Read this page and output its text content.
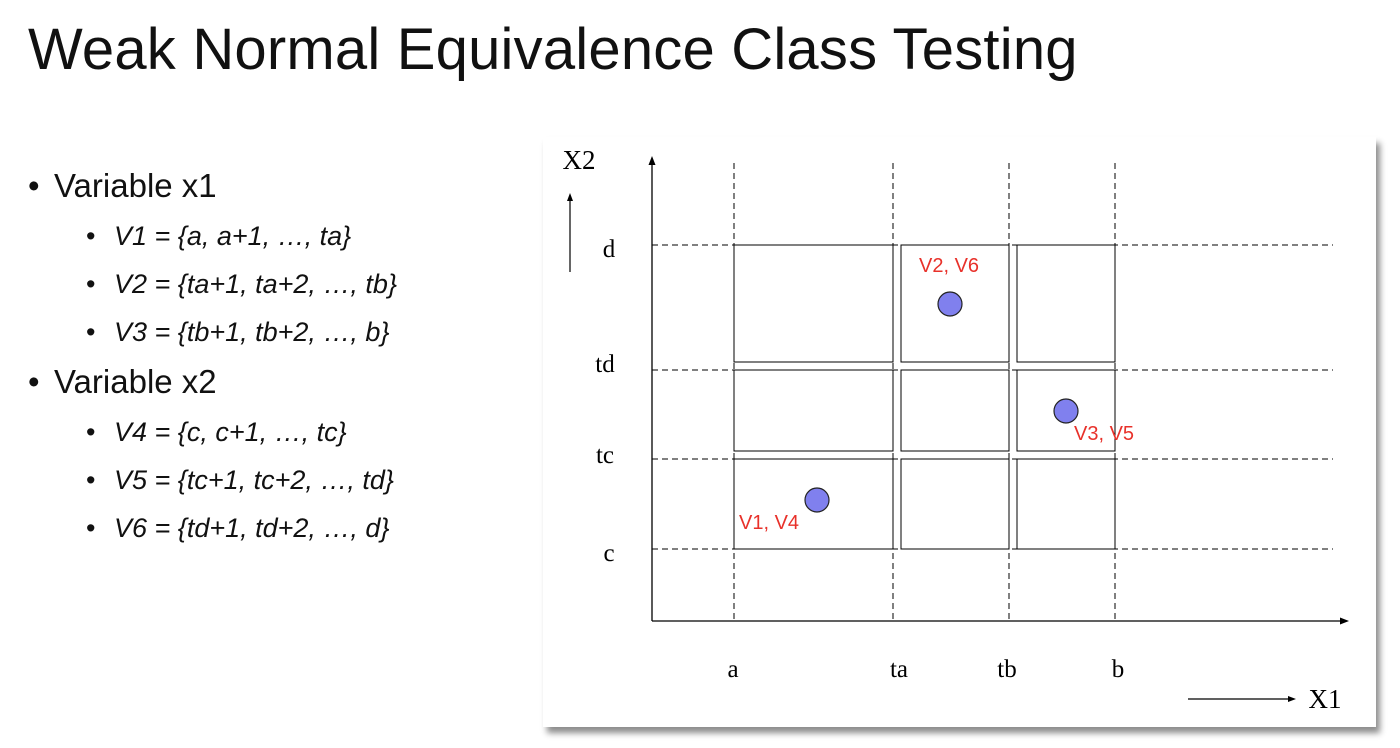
Weak Normal Equivalence Class Testing
• Variable x1
• V1 = {a, a+1, …, ta}
• V2 = {ta+1, ta+2, …, tb}
• V3 = {tb+1, tb+2, …, b}
• Variable x2
• V4 = {c, c+1, …, tc}
• V5 = {tc+1, tc+2, …, td}
• V6 = {td+1, td+2, …, d}
d
td
tc
c
a	ta	tb	b
X2
X1
V2, V6
V3, V5
V1, V4
